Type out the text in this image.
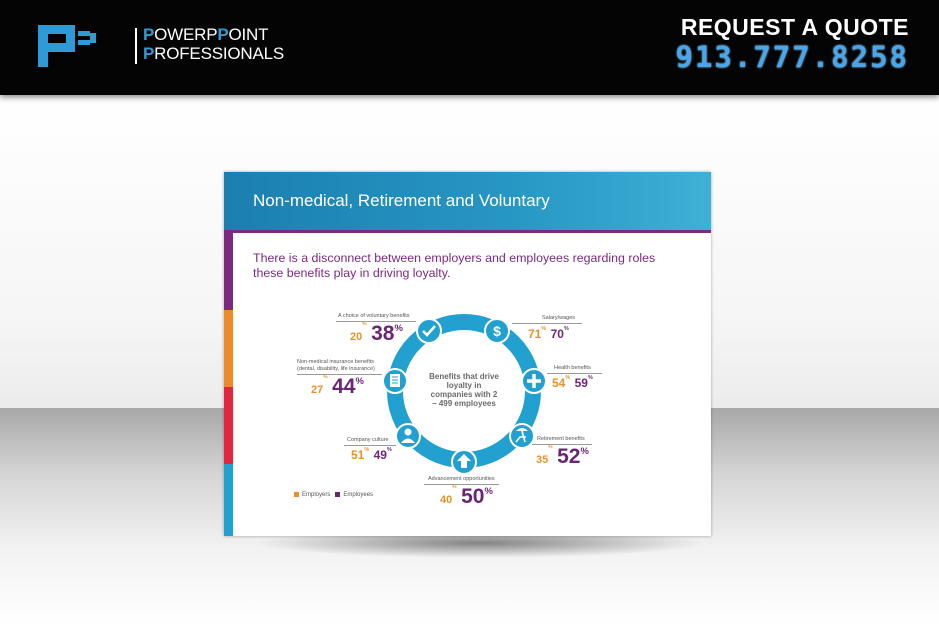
POWERPPOINT
PROFESSIONALS
REQUEST A QUOTE
913.777.8258
Non-medical, Retirement and Voluntary
There is a disconnect between employers and employees regarding roles these benefits play in driving loyalty.
$
Benefits that drive loyalty in companies with 2 – 499 employees
A choice of voluntary benefits
20% 38%
Salary/wages
71% 70%
Non-medical insurance benefits
(dental, disability, life insurance)
27% 44%
Health benefits
54% 59%
Company culture
51% 49%
Retirement benefits
35% 52%
Advancement opportunities
40% 50%
Employers Employees
